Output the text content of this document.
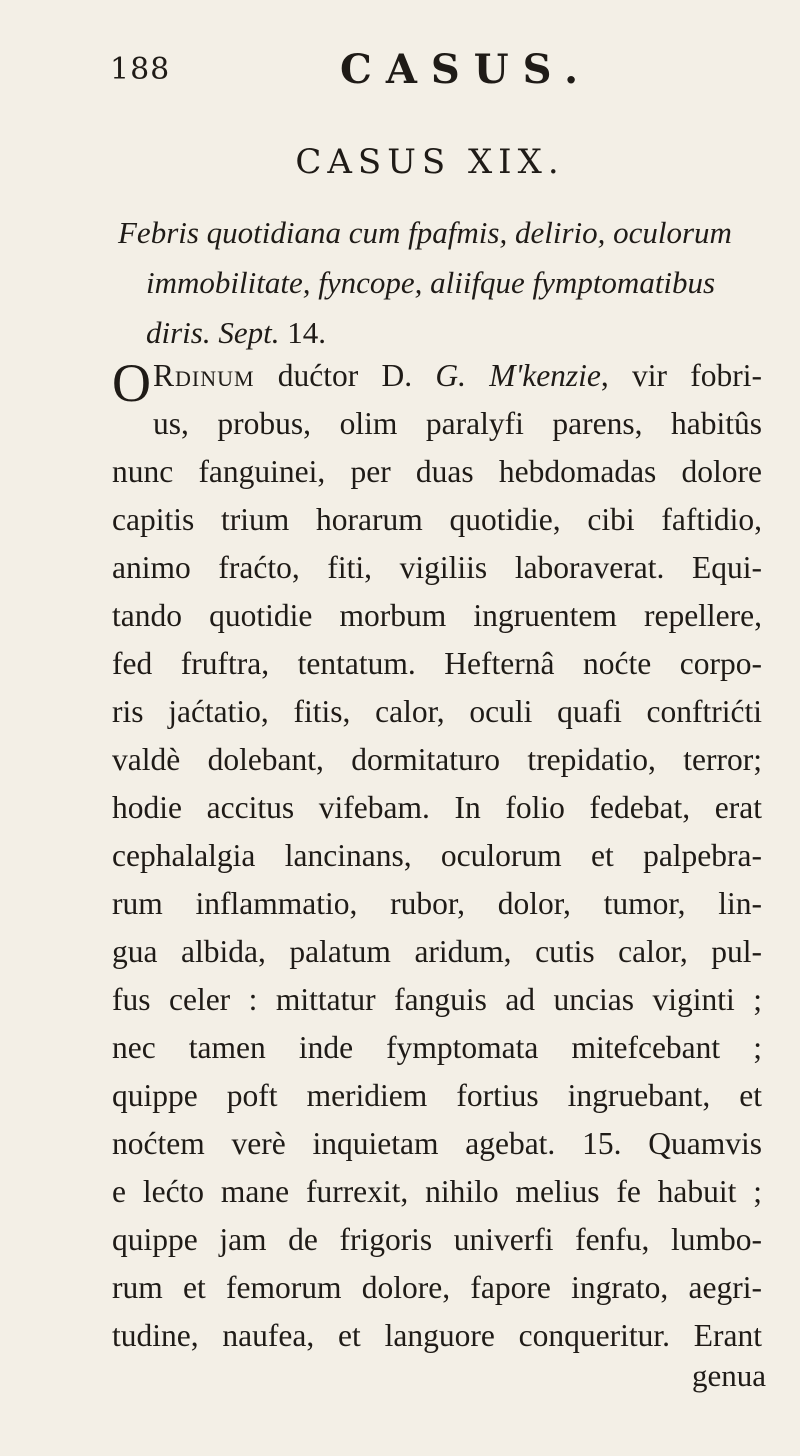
188	CASUS.
CASUS XIX.
Febris quotidiana cum fpafmis, delirio, oculorum
immobilitate, fyncope, aliifque fymptomatibus
diris. Sept. 14.
O Rdinum dućtor D. G. M'kenzie, vir fobri-
us, probus, olim paralyfi parens, habitûs
nunc fanguinei, per duas hebdomadas dolore
capitis trium horarum quotidie, cibi faftidio,
animo fraćto, fiti, vigiliis laboraverat. Equi-
tando quotidie morbum ingruentem repellere,
fed fruftra, tentatum. Hefternâ noćte corpo-
ris jaćtatio, fitis, calor, oculi quafi conftrićti
valdè dolebant, dormitaturo trepidatio, terror;
hodie accitus vifebam. In folio fedebat, erat
cephalalgia lancinans, oculorum et palpebra-
rum inflammatio, rubor, dolor, tumor, lin-
gua albida, palatum aridum, cutis calor, pul-
fus celer : mittatur fanguis ad uncias viginti ;
nec tamen inde fymptomata mitefcebant ;
quippe poft meridiem fortius ingruebant, et
noćtem verè inquietam agebat. 15. Quamvis
e lećto mane furrexit, nihilo melius fe habuit ;
quippe jam de frigoris univerfi fenfu, lumbo-
rum et femorum dolore, fapore ingrato, aegri-
tudine, naufea, et languore conqueritur. Erant
genua
